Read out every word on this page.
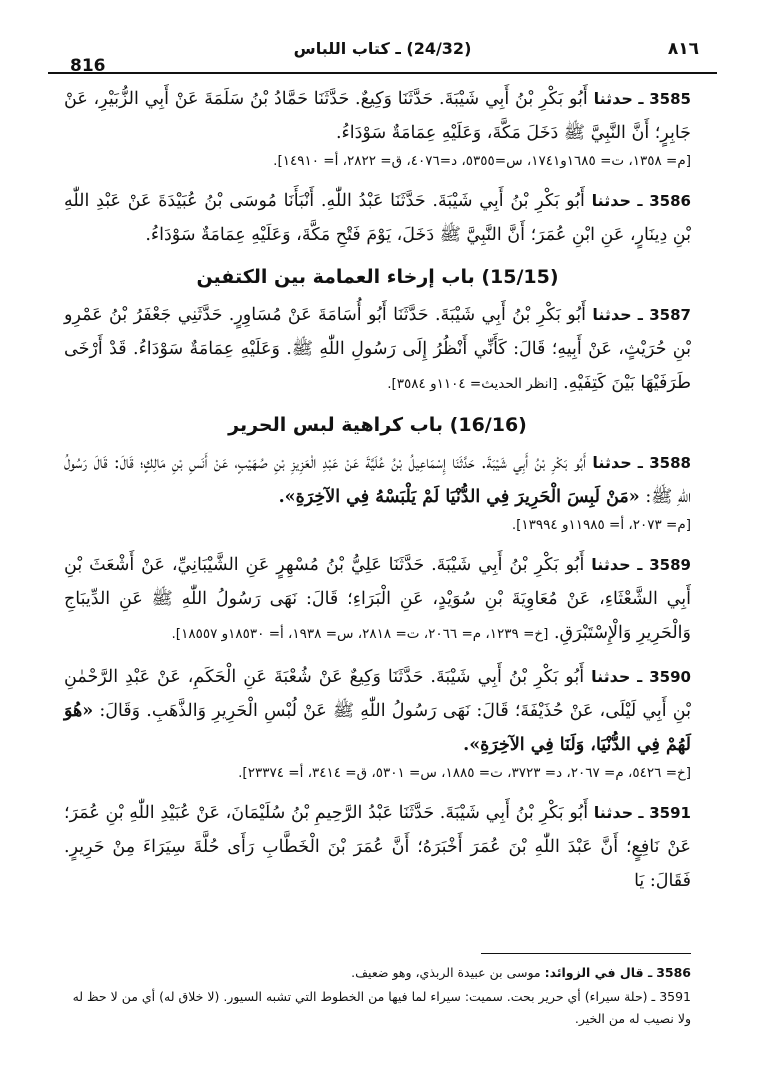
816
(24/32) ـ كتاب اللباس	٨١٦
3585 ـ حدثنا أَبُو بَكْرِ بْنُ أَبِي شَيْبَةَ. حَدَّثَنَا وَكِيعٌ. حَدَّثَنَا حَمَّادُ بْنُ سَلَمَةَ عَنْ أَبِي الزُّبَيْرِ، عَنْ جَابِرٍ؛ أَنَّ النَّبِيَّ ﷺ دَخَلَ مَكَّةَ، وَعَلَيْهِ عِمَامَةٌ سَوْدَاءُ.
[م= ١٣٥٨، ت= ١٦٨٥و١٧٤١، س=٥٣٥٥، د=٤٠٧٦، ق= ٢٨٢٢، أ= ١٤٩١٠].
3586 ـ حدثنا أَبُو بَكْرِ بْنُ أَبِي شَيْبَةَ. حَدَّثَنَا عَبْدُ اللّٰهِ. أَنْبَأَنَا مُوسَى بْنُ عُبَيْدَةَ عَنْ عَبْدِ اللّٰهِ بْنِ دِينَارٍ، عَنِ ابْنِ عُمَرَ؛ أَنَّ النَّبِيَّ ﷺ دَخَلَ، يَوْمَ فَتْحِ مَكَّةَ، وَعَلَيْهِ عِمَامَةٌ سَوْدَاءُ.
(15/15) باب إرخاء العمامة بين الكتفين
3587 ـ حدثنا أَبُو بَكْرِ بْنُ أَبِي شَيْبَةَ. حَدَّثَنَا أَبُو أُسَامَةَ عَنْ مُسَاوِرٍ. حَدَّثَنِي جَعْفَرُ بْنُ عَمْرِو بْنِ حُرَيْثٍ، عَنْ أَبِيهِ؛ قَالَ: كَأَنِّي أَنْظُرُ إِلَى رَسُولِ اللّٰهِ ﷺ. وَعَلَيْهِ عِمَامَةٌ سَوْدَاءُ. قَدْ أَرْخَى طَرَفَيْهَا بَيْنَ كَتِفَيْهِ. [انظر الحديث= ١١٠٤و ٣٥٨٤].
(16/16) باب كراهية لبس الحرير
3588 ـ حدثنا أَبُو بَكْرِ بْنُ أَبِي شَيْبَةَ. حَدَّثَنَا إِسْمَاعِيلُ بْنُ عُلَيَّةَ عَنْ عَبْدِ الْعَزِيزِ بْنِ صُهَيْبٍ، عَنْ أَنَسِ بْنِ مَالِكٍ؛ قَالَ: قَالَ رَسُولُ اللّٰهِ ﷺ: «مَنْ لَبِسَ الْحَرِيرَ فِي الدُّنْيَا لَمْ يَلْبَسْهُ فِي الآخِرَةِ».
[م= ٢٠٧٣، أ= ١١٩٨٥و ١٣٩٩٤].
3589 ـ حدثنا أَبُو بَكْرِ بْنُ أَبِي شَيْبَةَ. حَدَّثَنَا عَلِيُّ بْنُ مُسْهِرٍ عَنِ الشَّيْبَانِيِّ، عَنْ أَشْعَثَ بْنِ أَبِي الشَّعْثَاءِ، عَنْ مُعَاوِيَةَ بْنِ سُوَيْدٍ، عَنِ الْبَرَاءِ؛ قَالَ: نَهَى رَسُولُ اللّٰهِ ﷺ عَنِ الدِّيبَاجِ وَالْحَرِيرِ وَالْإِسْتَبْرَقِ. [خ= ١٢٣٩، م= ٢٠٦٦، ت= ٢٨١٨، س= ١٩٣٨، أ= ١٨٥٣٠و ١٨٥٥٧].
3590 ـ حدثنا أَبُو بَكْرِ بْنُ أَبِي شَيْبَةَ. حَدَّثَنَا وَكِيعٌ عَنْ شُعْبَةَ عَنِ الْحَكَمِ، عَنْ عَبْدِ الرَّحْمٰنِ بْنِ أَبِي لَيْلَى، عَنْ حُذَيْفَةَ؛ قَالَ: نَهَى رَسُولُ اللّٰهِ ﷺ عَنْ لُبْسِ الْحَرِيرِ وَالذَّهَبِ. وَقَالَ: «هُوَ لَهُمْ فِي الدُّنْيَا، وَلَنَا فِي الآخِرَةِ».
[خ= ٥٤٢٦، م= ٢٠٦٧، د= ٣٧٢٣، ت= ١٨٨٥، س= ٥٣٠١، ق= ٣٤١٤، أ= ٢٣٣٧٤].
3591 ـ حدثنا أَبُو بَكْرِ بْنُ أَبِي شَيْبَةَ. حَدَّثَنَا عَبْدُ الرَّحِيمِ بْنُ سُلَيْمَانَ، عَنْ عُبَيْدِ اللّٰهِ بْنِ عُمَرَ؛ عَنْ نَافِعٍ؛ أَنَّ عَبْدَ اللّٰهِ بْنَ عُمَرَ أَخْبَرَهُ؛ أَنَّ عُمَرَ بْنَ الْخَطَّابِ رَأَى حُلَّةَ سِيَرَاءَ مِنْ حَرِيرٍ. فَقَالَ: يَا
3586 ـ قال في الزوائد: موسى بن عبيدة الربذي، وهو ضعيف.
3591 ـ (حلة سيراء) أي حرير بحت. سميت: سيراء لما فيها من الخطوط التي تشبه السيور. (لا خلاق له) أي من لا حظ له ولا نصيب له من الخير.
